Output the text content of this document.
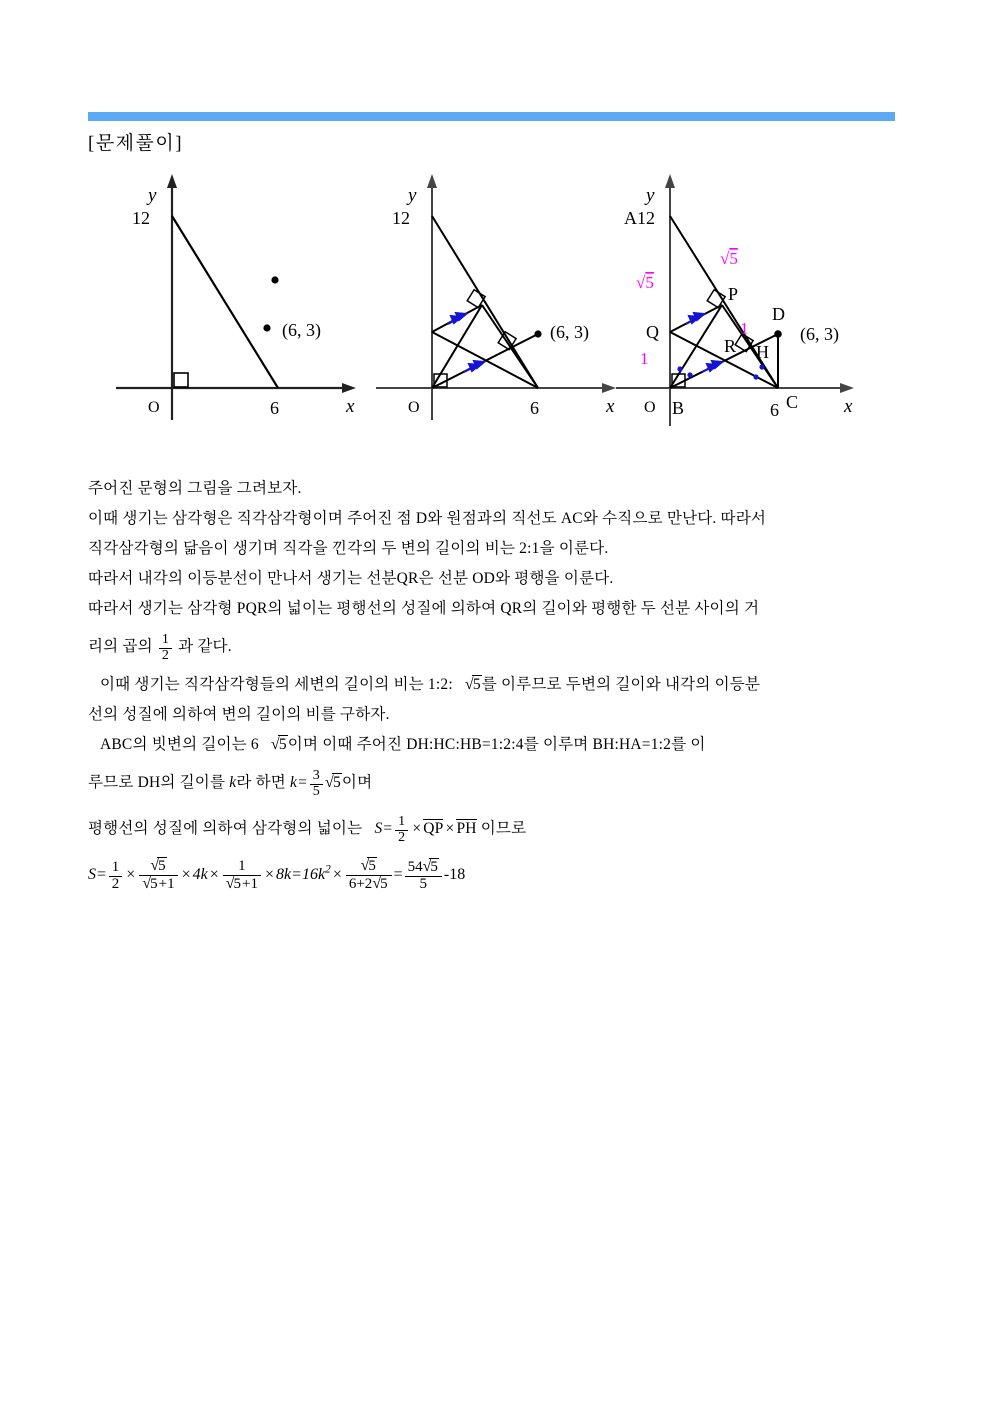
[문제풀이]
y
12
O	6	x
(6, 3)
y
12
O	6	x
(6, 3)
y
A12
O	6	x
(6, 3)
P
Q
R
D
H
B	C
√5
√5
1
1
주어진 문형의 그림을 그려보자.
이때 생기는 삼각형은 직각삼각형이며 주어진 점 D와 원점과의 직선도 AC와 수직으로 만난다. 따라서
직각삼각형의 닮음이 생기며 직각을 낀각의 두 변의 길이의 비는 2:1을 이룬다.
따라서 내각의 이등분선이 만나서 생기는 선분QR은 선분 OD와 평행을 이룬다.
따라서 생기는 삼각형 PQR의 넓이는 평행선의 성질에 의하여 QR의 길이와 평행한 두 선분 사이의 거
리의 곱의 $\frac{1}{2}$ 과 같다.
이때 생기는 직각삼각형들의 세변의 길이의 비는 1:2: √5를 이루므로 두변의 길이와 내각의 이등분
선의 성질에 의하여 변의 길이의 비를 구하자.
ABC의 빗변의 길이는 6 √5이며 이때 주어진 DH:HC:HB=1:2:4를 이루며 BH:HA=1:2를 이
루므로 DH의 길이를 k라 하면 $k= \frac{3}{5} √5$이며
평행선의 성질에 의하여 삼각형의 넓이는 $S= \frac{1}{2}$ × QP × PH 이므로
$S= \frac{1}{2} \times \frac{√5}{√5+1} \times 4k \times \frac{1}{√5+1} \times 8k=16k^2 \times \frac{√5}{6+2√5} = \frac{54√5}{5} -18$
